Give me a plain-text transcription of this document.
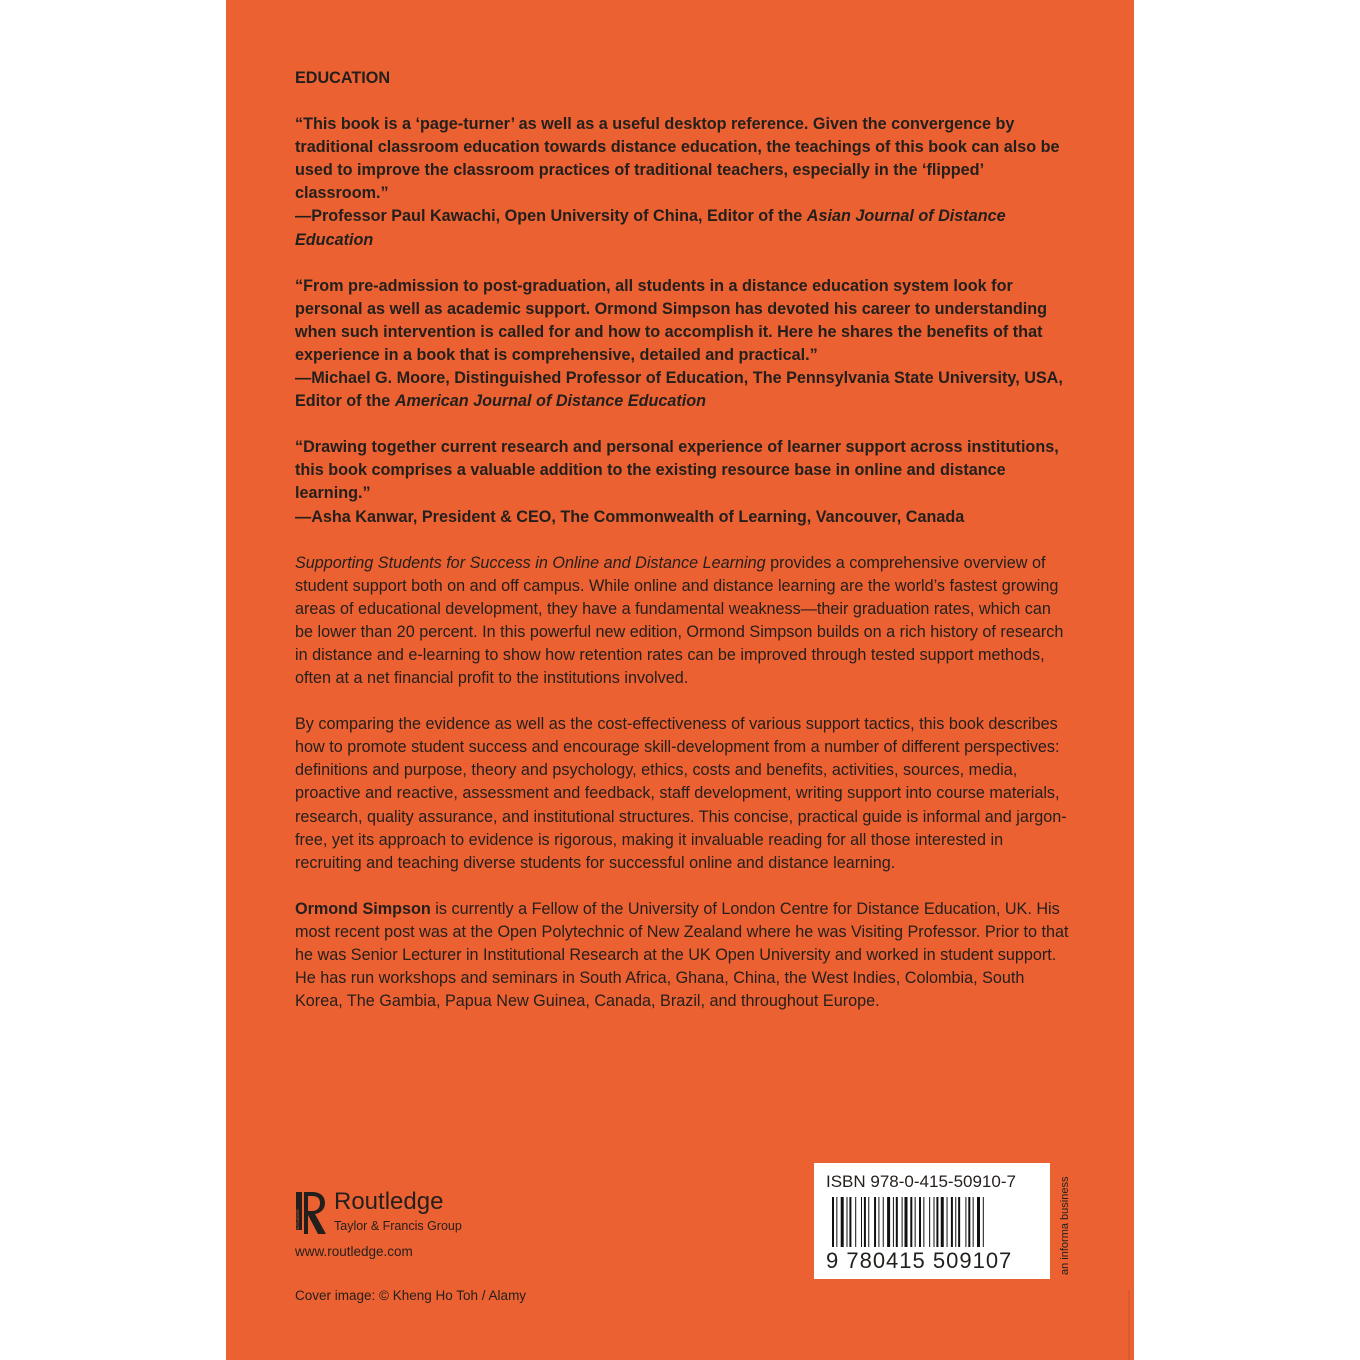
EDUCATION
“This book is a ‘page-turner’ as well as a useful desktop reference. Given the convergence by traditional classroom education towards distance education, the teachings of this book can also be used to improve the classroom practices of traditional teachers, especially in the ‘flipped’ classroom.”
—Professor Paul Kawachi, Open University of China, Editor of the Asian Journal of Distance Education
“From pre-admission to post-graduation, all students in a distance education system look for personal as well as academic support. Ormond Simpson has devoted his career to understanding when such intervention is called for and how to accomplish it. Here he shares the benefits of that experience in a book that is comprehensive, detailed and practical.”
—Michael G. Moore, Distinguished Professor of Education, The Pennsylvania State University, USA, Editor of the American Journal of Distance Education
“Drawing together current research and personal experience of learner support across institutions, this book comprises a valuable addition to the existing resource base in online and distance learning.”
—Asha Kanwar, President & CEO, The Commonwealth of Learning, Vancouver, Canada
Supporting Students for Success in Online and Distance Learning provides a comprehensive overview of student support both on and off campus. While online and distance learning are the world’s fastest growing areas of educational development, they have a fundamental weakness—their graduation rates, which can be lower than 20 percent. In this powerful new edition, Ormond Simpson builds on a rich history of research in distance and e-learning to show how retention rates can be improved through tested support methods, often at a net financial profit to the institutions involved.
By comparing the evidence as well as the cost-effectiveness of various support tactics, this book describes how to promote student success and encourage skill-development from a number of different perspectives: definitions and purpose, theory and psychology, ethics, costs and benefits, activities, sources, media, proactive and reactive, assessment and feedback, staff development, writing support into course materials, research, quality assurance, and institutional structures. This concise, practical guide is informal and jargon-free, yet its approach to evidence is rigorous, making it invaluable reading for all those interested in recruiting and teaching diverse students for successful online and distance learning.
Ormond Simpson is currently a Fellow of the University of London Centre for Distance Education, UK. His most recent post was at the Open Polytechnic of New Zealand where he was Visiting Professor. Prior to that he was Senior Lecturer in Institutional Research at the UK Open University and worked in student support. He has run workshops and seminars in South Africa, Ghana, China, the West Indies, Colombia, South Korea, The Gambia, Papua New Guinea, Canada, Brazil, and throughout Europe.
ROUTLEDGE
Routledge
Taylor & Francis Group
www.routledge.com
Cover image: © Kheng Ho Toh / Alamy
ISBN 978-0-415-50910-7
9 780415 509107	an informa business
